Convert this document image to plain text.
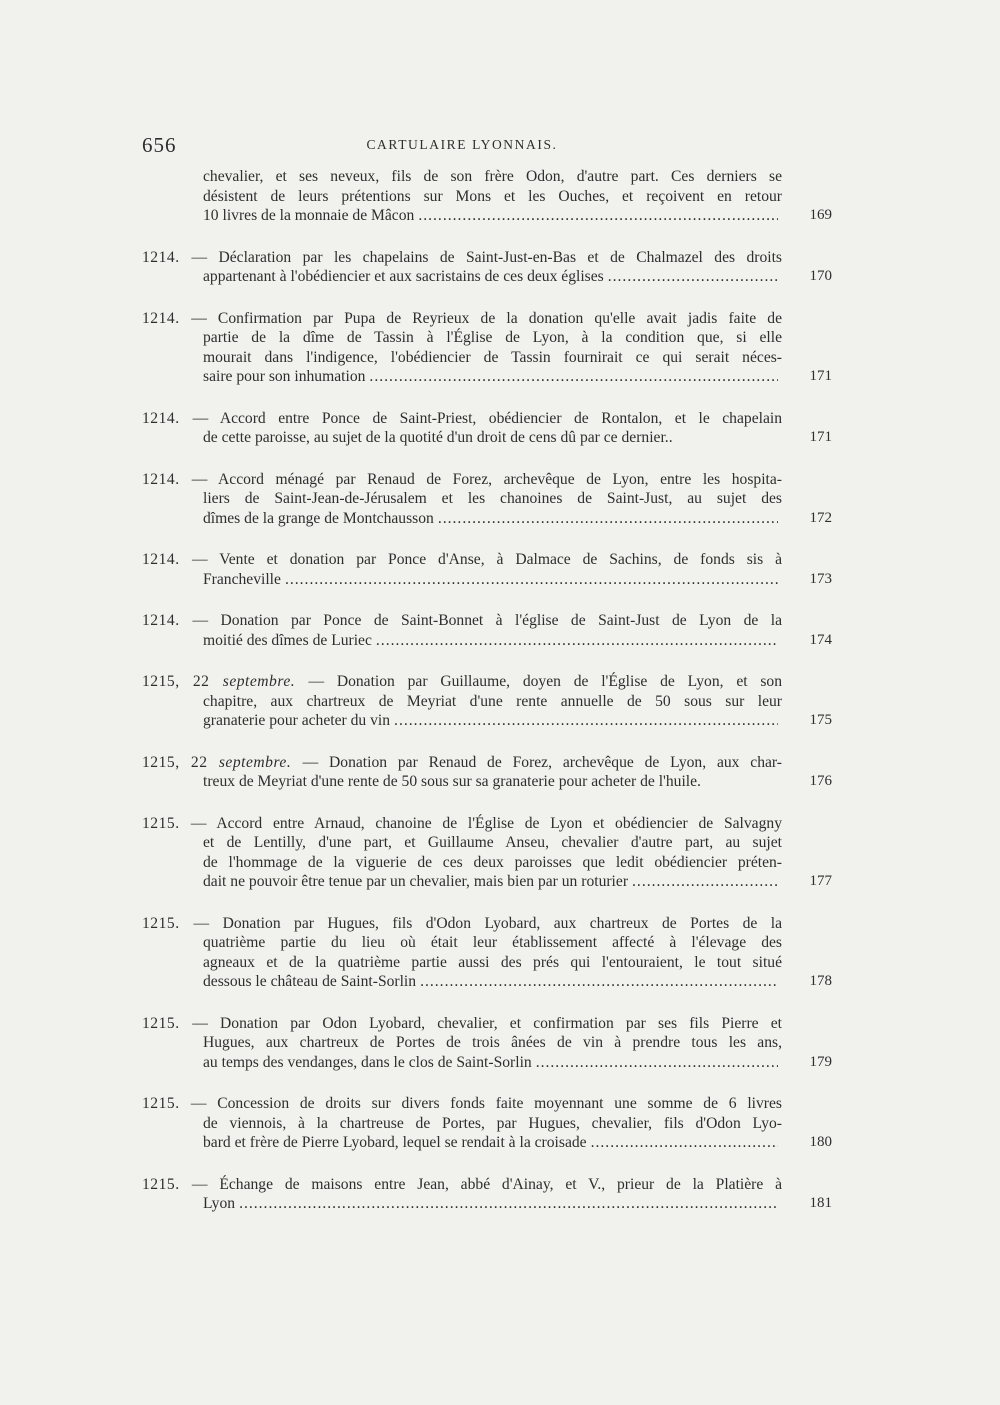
656	CARTULAIRE LYONNAIS.
chevalier, et ses neveux, fils de son frère Odon, d'autre part. Ces derniers se
désistent de leurs prétentions sur Mons et les Ouches, et reçoivent en retour
10 livres de la monnaie de Mâcon .....	169
1214. — Déclaration par les chapelains de Saint-Just-en-Bas et de Chalmazel des droits
appartenant à l'obédiencier et aux sacristains de ces deux églises .....	170
1214. — Confirmation par Pupa de Reyrieux de la donation qu'elle avait jadis faite de
partie de la dîme de Tassin à l'Église de Lyon, à la condition que, si elle
mourait dans l'indigence, l'obédiencier de Tassin fournirait ce qui serait néces-
saire pour son inhumation .....	171
1214. — Accord entre Ponce de Saint-Priest, obédiencier de Rontalon, et le chapelain
de cette paroisse, au sujet de la quotité d'un droit de cens dû par ce dernier..	171
1214. — Accord ménagé par Renaud de Forez, archevêque de Lyon, entre les hospita-
liers de Saint-Jean-de-Jérusalem et les chanoines de Saint-Just, au sujet des
dîmes de la grange de Montchausson .....	172
1214. — Vente et donation par Ponce d'Anse, à Dalmace de Sachins, de fonds sis à
Francheville .....	173
1214. — Donation par Ponce de Saint-Bonnet à l'église de Saint-Just de Lyon de la
moitié des dîmes de Luriec .....	174
1215, 22 septembre. — Donation par Guillaume, doyen de l'Église de Lyon, et son
chapitre, aux chartreux de Meyriat d'une rente annuelle de 50 sous sur leur
granaterie pour acheter du vin .....	175
1215, 22 septembre. — Donation par Renaud de Forez, archevêque de Lyon, aux char-
treux de Meyriat d'une rente de 50 sous sur sa granaterie pour acheter de l'huile.	176
1215. — Accord entre Arnaud, chanoine de l'Église de Lyon et obédiencier de Salvagny
et de Lentilly, d'une part, et Guillaume Anseu, chevalier d'autre part, au sujet
de l'hommage de la viguerie de ces deux paroisses que ledit obédiencier préten-
dait ne pouvoir être tenue par un chevalier, mais bien par un roturier .....	177
1215. — Donation par Hugues, fils d'Odon Lyobard, aux chartreux de Portes de la
quatrième partie du lieu où était leur établissement affecté à l'élevage des
agneaux et de la quatrième partie aussi des prés qui l'entouraient, le tout situé
dessous le château de Saint-Sorlin .....	178
1215. — Donation par Odon Lyobard, chevalier, et confirmation par ses fils Pierre et
Hugues, aux chartreux de Portes de trois ânées de vin à prendre tous les ans,
au temps des vendanges, dans le clos de Saint-Sorlin .....	179
1215. — Concession de droits sur divers fonds faite moyennant une somme de 6 livres
de viennois, à la chartreuse de Portes, par Hugues, chevalier, fils d'Odon Lyo-
bard et frère de Pierre Lyobard, lequel se rendait à la croisade .....	180
1215. — Échange de maisons entre Jean, abbé d'Ainay, et V., prieur de la Platière à
Lyon .....	181
